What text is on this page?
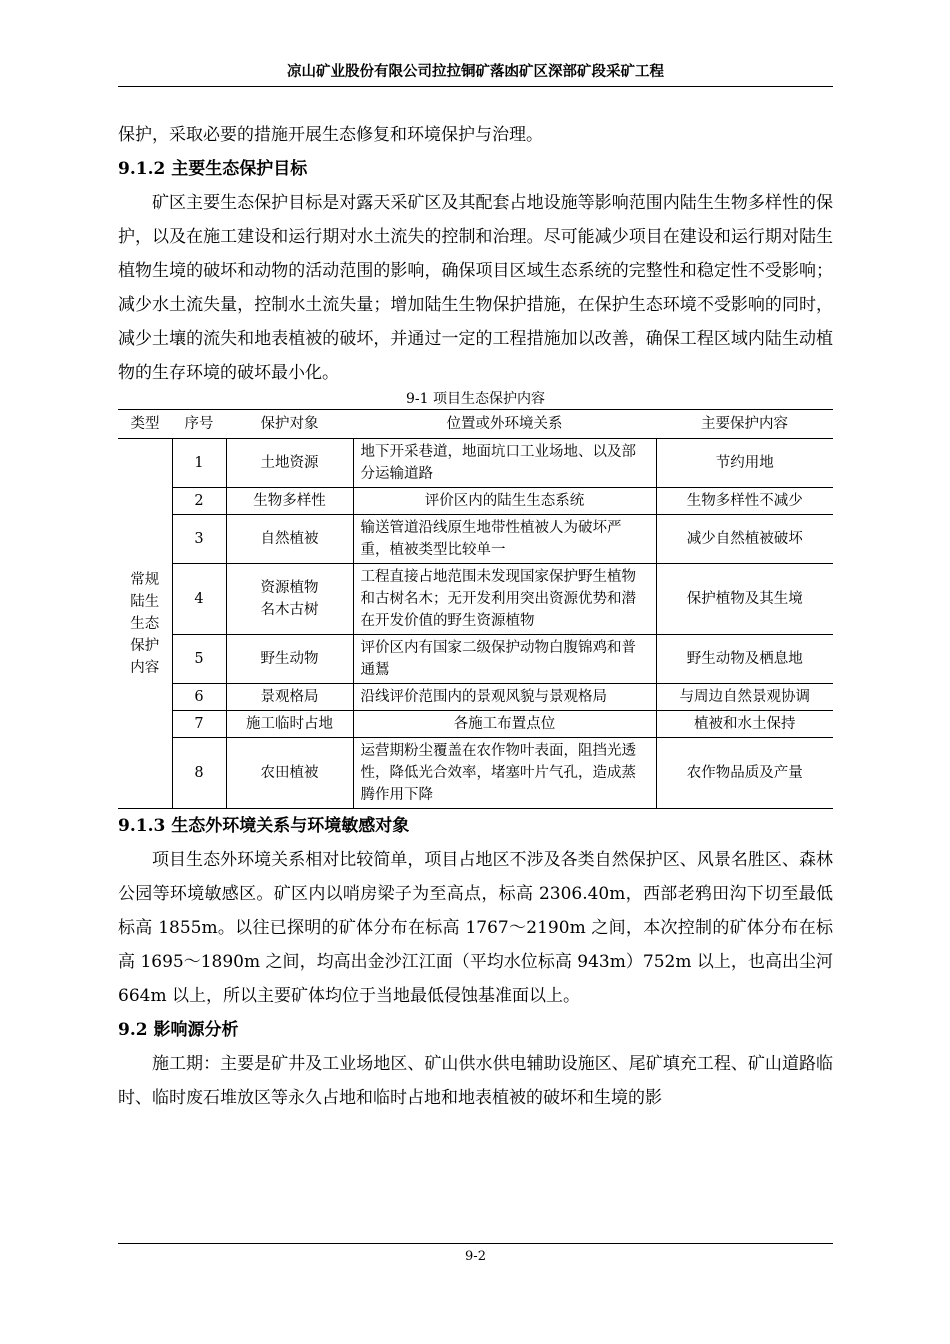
凉山矿业股份有限公司拉拉铜矿落凼矿区深部矿段采矿工程

保护，采取必要的措施开展生态修复和环境保护与治理。

9.1.2 主要生态保护目标

矿区主要生态保护目标是对露天采矿区及其配套占地设施等影响范围内陆生生物多样性的保护，以及在施工建设和运行期对水土流失的控制和治理。尽可能减少项目在建设和运行期对陆生植物生境的破坏和动物的活动范围的影响，确保项目区域生态系统的完整性和稳定性不受影响；减少水土流失量，控制水土流失量；增加陆生生物保护措施，在保护生态环境不受影响的同时，减少土壤的流失和地表植被的破坏，并通过一定的工程措施加以改善，确保工程区域内陆生动植物的生存环境的破坏最小化。

9-1 项目生态保护内容
类型	序号	保护对象	位置或外环境关系	主要保护内容
常规陆生生态保护内容	1	土地资源	地下开采巷道，地面坑口工业场地、以及部分运输道路	节约用地
	2	生物多样性	评价区内的陆生生态系统	生物多样性不减少
	3	自然植被	输送管道沿线原生地带性植被人为破坏严重，植被类型比较单一	减少自然植被破坏
	4	资源植物名木古树	工程直接占地范围未发现国家保护野生植物和古树名木；无开发利用突出资源优势和潜在开发价值的野生资源植物	保护植物及其生境
	5	野生动物	评价区内有国家二级保护动物白腹锦鸡和普通鵟	野生动物及栖息地
	6	景观格局	沿线评价范围内的景观风貌与景观格局	与周边自然景观协调
	7	施工临时占地	各施工布置点位	植被和水土保持
	8	农田植被	运营期粉尘覆盖在农作物叶表面，阻挡光透性，降低光合效率，堵塞叶片气孔，造成蒸腾作用下降	农作物品质及产量
9.1.3 生态外环境关系与环境敏感对象

项目生态外环境关系相对比较简单，项目占地区不涉及各类自然保护区、风景名胜区、森林公园等环境敏感区。矿区内以哨房梁子为至高点，标高 2306.40m，西部老鸦田沟下切至最低标高 1855m。以往已探明的矿体分布在标高 1767～2190m 之间，本次控制的矿体分布在标高 1695～1890m 之间，均高出金沙江江面（平均水位标高 943m）752m 以上，也高出尘河 664m 以上，所以主要矿体均位于当地最低侵蚀基准面以上。

9.2 影响源分析

施工期：主要是矿井及工业场地区、矿山供水供电辅助设施区、尾矿填充工程、矿山道路临时、临时废石堆放区等永久占地和临时占地和地表植被的破坏和生境的影

9-2
